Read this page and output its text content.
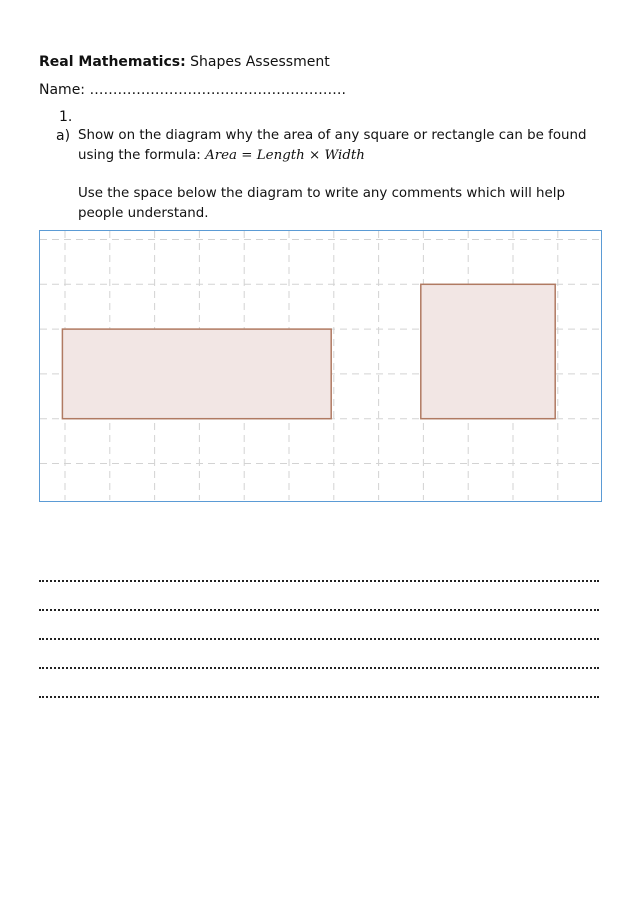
Real Mathematics: Shapes Assessment
Name: ……………………………………………….
1.
a) Show on the diagram why the area of any square or rectangle can be found using the formula: Area = Length × Width

Use the space below the diagram to write any comments which will help people understand.
